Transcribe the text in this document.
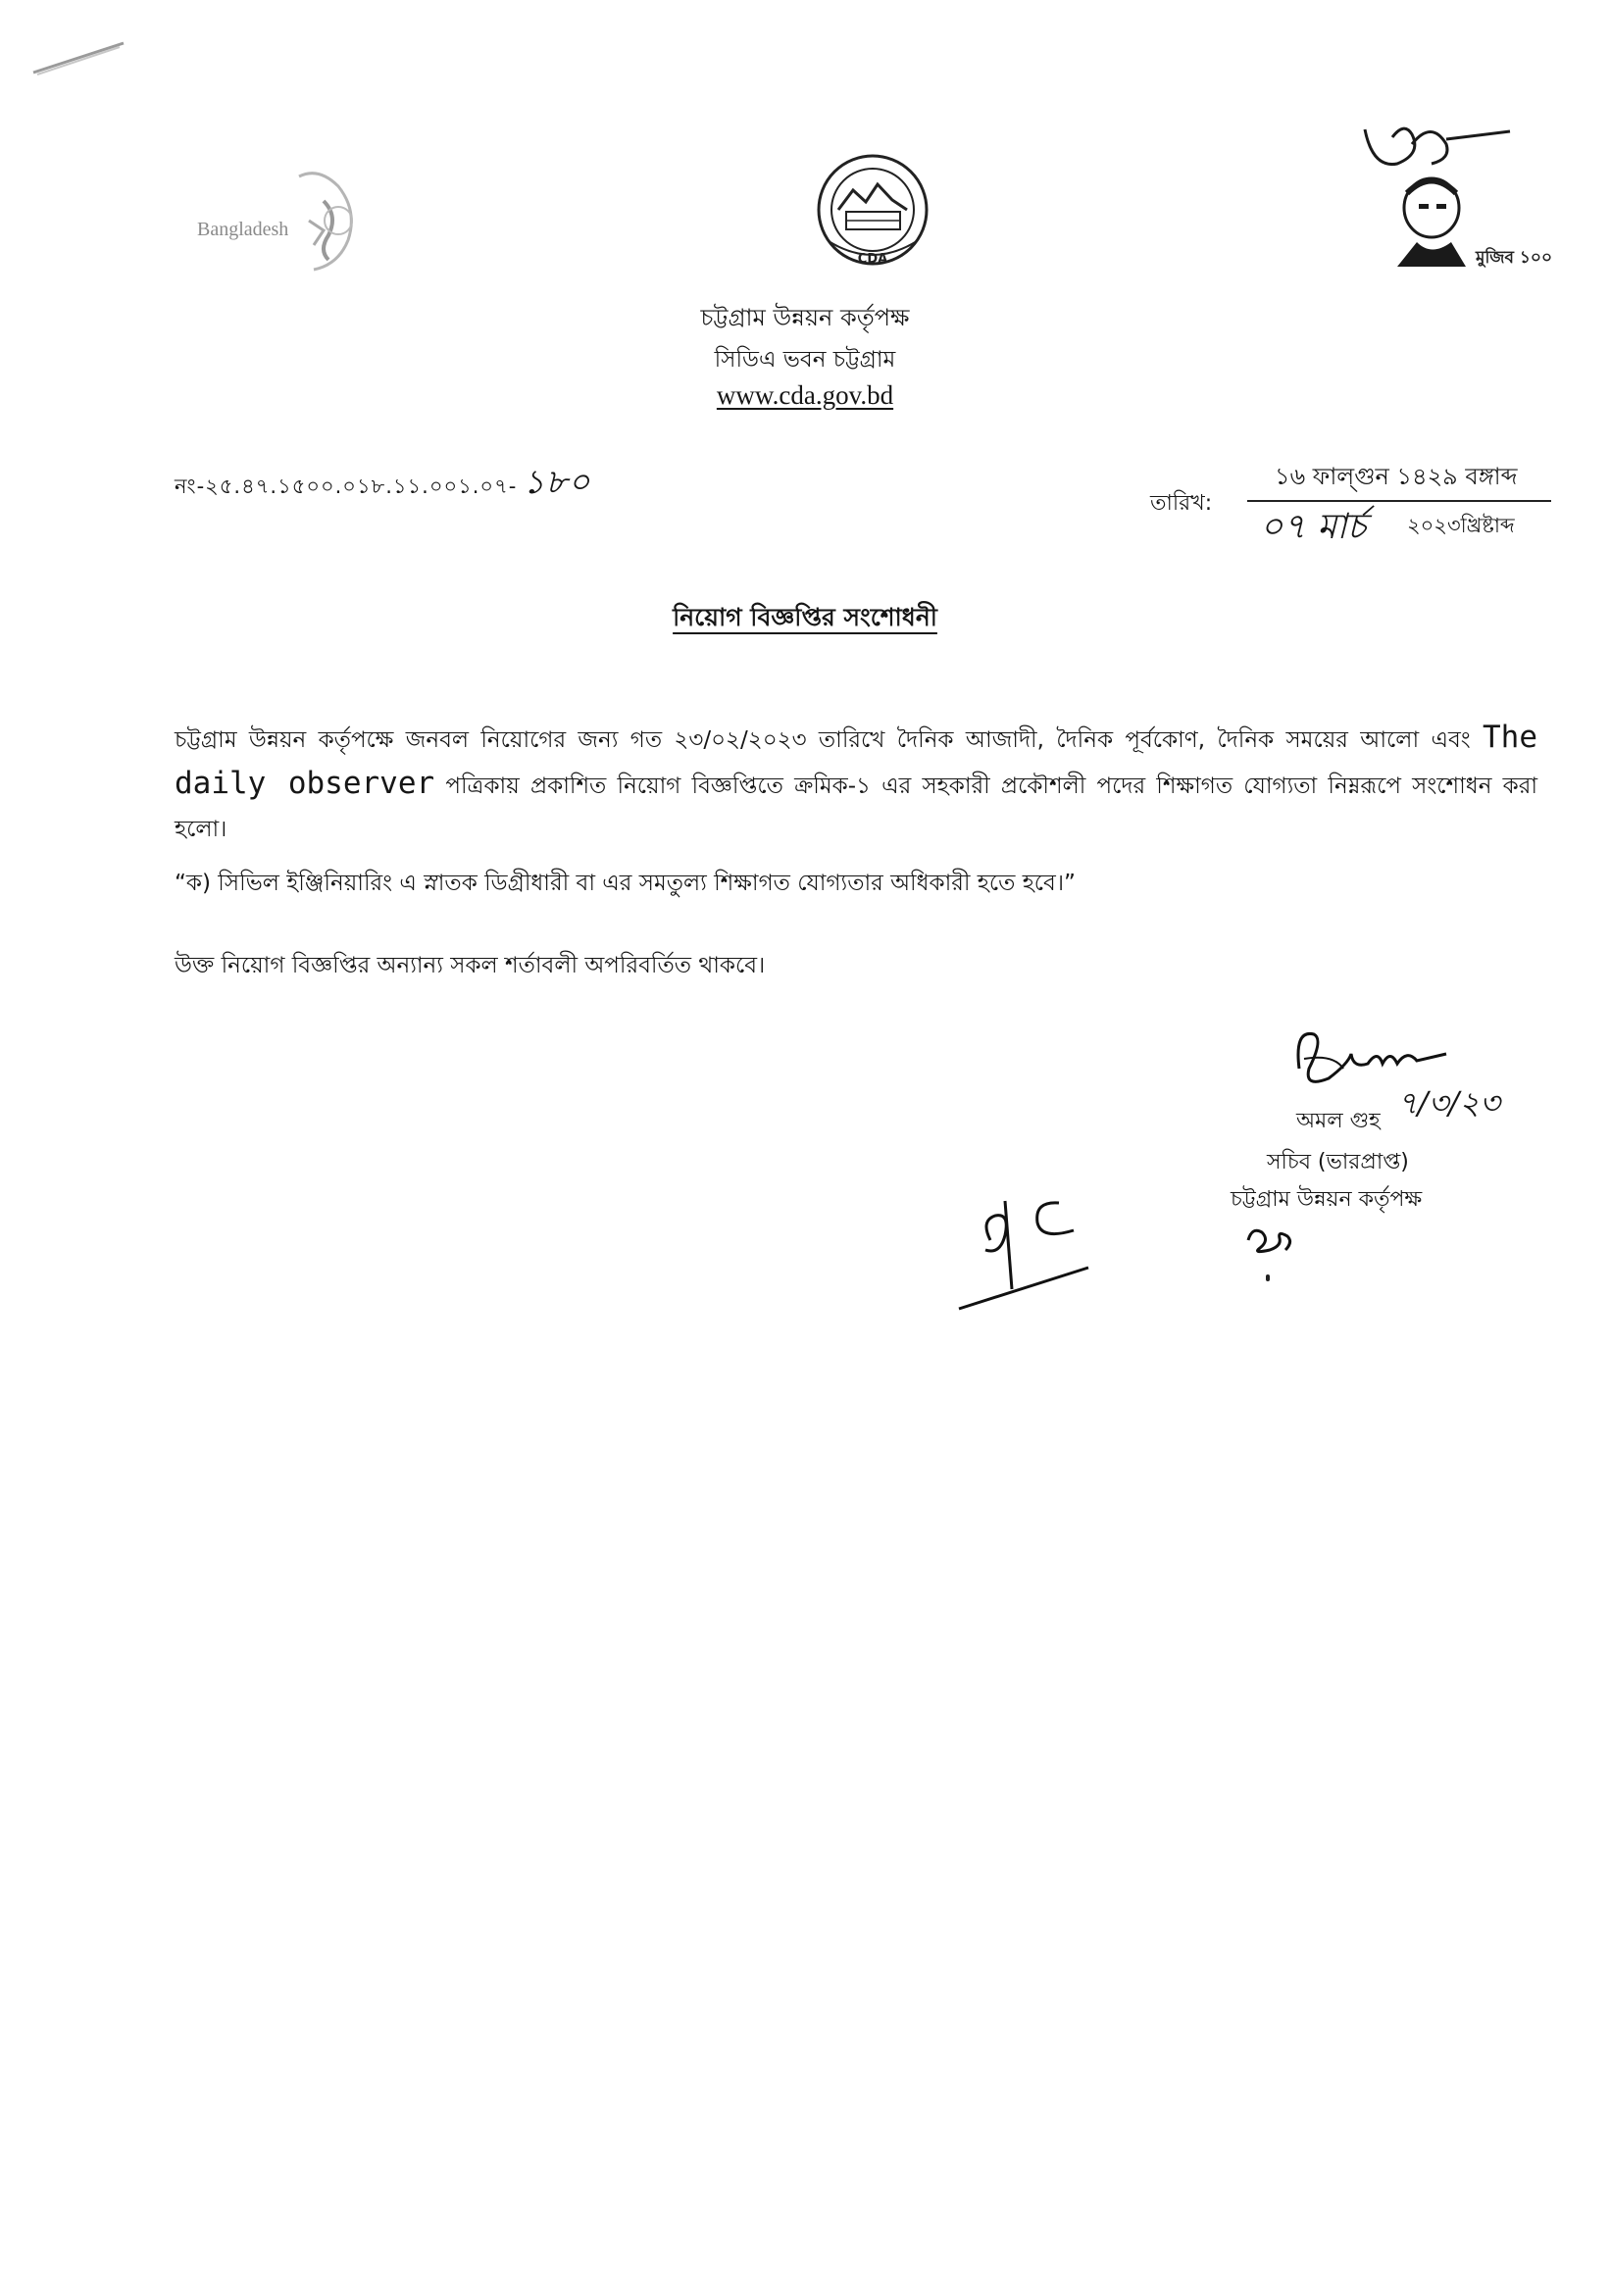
Bangladesh
CDA	মুজিব ১০০
চট্টগ্রাম উন্নয়ন কর্তৃপক্ষ
সিডিএ ভবন চট্টগ্রাম
www.cda.gov.bd
নং-২৫.৪৭.১৫০০.০১৮.১১.০০১.০৭- ১৮০	১৬ ফাল্গুন ১৪২৯ বঙ্গাব্দ
তারিখ:
০৭ মার্চ ২০২৩খ্রিষ্টাব্দ
নিয়োগ বিজ্ঞপ্তির সংশোধনী
চট্টগ্রাম উন্নয়ন কর্তৃপক্ষে জনবল নিয়োগের জন্য গত ২৩/০২/২০২৩ তারিখে দৈনিক আজাদী, দৈনিক পূর্বকোণ, দৈনিক সময়ের আলো এবং The daily observer পত্রিকায় প্রকাশিত নিয়োগ বিজ্ঞপ্তিতে ক্রমিক-১ এর সহকারী প্রকৌশলী পদের শিক্ষাগত যোগ্যতা নিম্নরূপে সংশোধন করা হলো।
“ক) সিভিল ইঞ্জিনিয়ারিং এ স্নাতক ডিগ্রীধারী বা এর সমতুল্য শিক্ষাগত যোগ্যতার অধিকারী হতে হবে।”
উক্ত নিয়োগ বিজ্ঞপ্তির অন্যান্য সকল শর্তাবলী অপরিবর্তিত থাকবে।
৭/৩/২৩
অমল গুহ
সচিব (ভারপ্রাপ্ত)
চট্টগ্রাম উন্নয়ন কর্তৃপক্ষ
